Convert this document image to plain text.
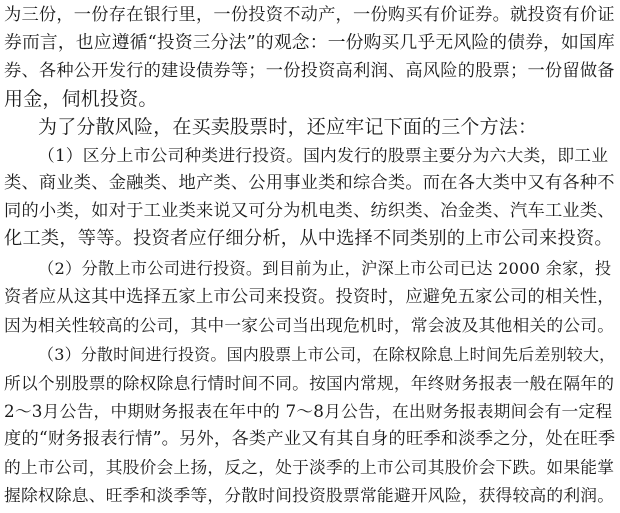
为三份，一份存在银行里，一份投资不动产，一份购买有价证券。就投资有价证
券而言，也应遵循“投资三分法”的观念：一份购买几乎无风险的债券，如国库
券、各种公开发行的建设债券等；一份投资高利润、高风险的股票；一份留做备
用金，伺机投资。
为了分散风险，在买卖股票时，还应牢记下面的三个方法：
（1）区分上市公司种类进行投资。国内发行的股票主要分为六大类，即工业
类、商业类、金融类、地产类、公用事业类和综合类。而在各大类中又有各种不
同的小类，如对于工业类来说又可分为机电类、纺织类、冶金类、汽车工业类、
化工类，等等。投资者应仔细分析，从中选择不同类别的上市公司来投资。
（2）分散上市公司进行投资。到目前为止，沪深上市公司已达 2000 余家，投
资者应从这其中选择五家上市公司来投资。投资时，应避免五家公司的相关性，
因为相关性较高的公司，其中一家公司当出现危机时，常会波及其他相关的公司。
（3）分散时间进行投资。国内股票上市公司，在除权除息上时间先后差别较大，
所以个别股票的除权除息行情时间不同。按国内常规，年终财务报表一般在隔年的
2～3月公告，中期财务报表在年中的 7～8月公告，在出财务报表期间会有一定程
度的“财务报表行情”。另外，各类产业又有其自身的旺季和淡季之分，处在旺季
的上市公司，其股价会上扬，反之，处于淡季的上市公司其股价会下跌。如果能掌
握除权除息、旺季和淡季等，分散时间投资股票常能避开风险，获得较高的利润。
